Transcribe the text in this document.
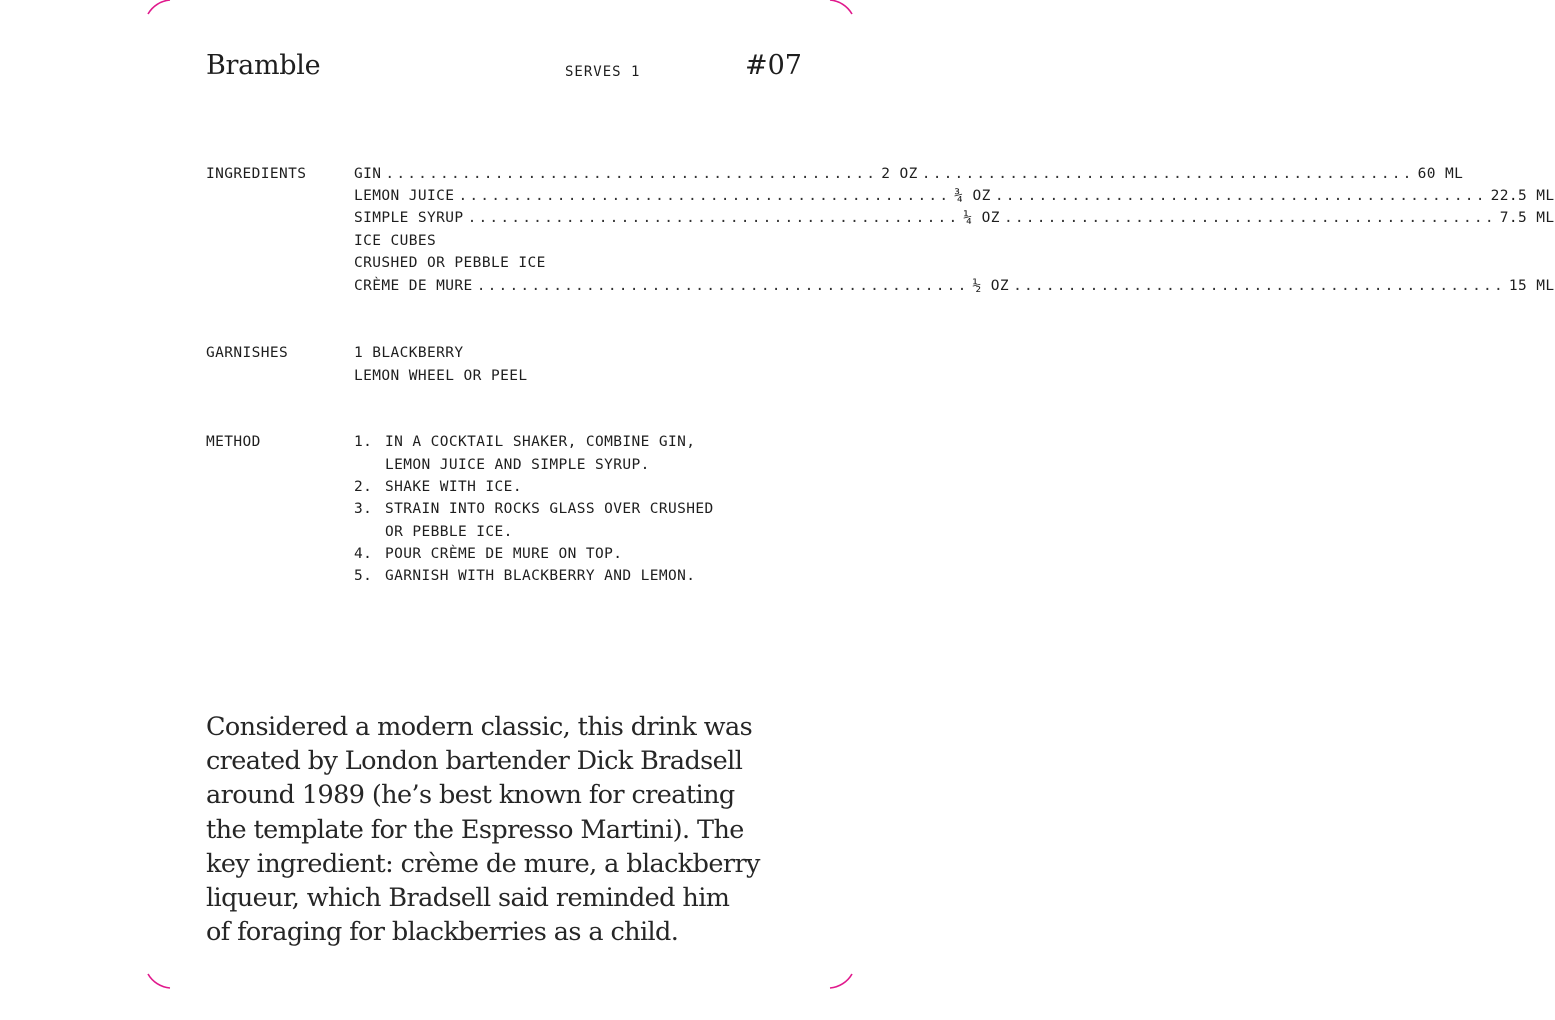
Bramble	SERVES 1	#07
INGREDIENTS	GIN ............................................. 2 OZ ............................................. 60 ML
LEMON JUICE ............................................. ¾ OZ ............................................. 22.5 ML
SIMPLE SYRUP ............................................. ¼ OZ ............................................. 7.5 ML
ICE CUBES
CRUSHED OR PEBBLE ICE
CRÈME DE MURE ............................................. ½ OZ ............................................. 15 ML
GARNISHES	1 BLACKBERRY
LEMON WHEEL OR PEEL
METHOD	1. IN A COCKTAIL SHAKER, COMBINE GIN,
LEMON JUICE AND SIMPLE SYRUP.
2. SHAKE WITH ICE.
3. STRAIN INTO ROCKS GLASS OVER CRUSHED
OR PEBBLE ICE.
4. POUR CRÈME DE MURE ON TOP.
5. GARNISH WITH BLACKBERRY AND LEMON.
Considered a modern classic, this drink was
created by London bartender Dick Bradsell
around 1989 (he’s best known for creating
the template for the Espresso Martini). The
key ingredient: crème de mure, a blackberry
liqueur, which Bradsell said reminded him
of foraging for blackberries as a child.
